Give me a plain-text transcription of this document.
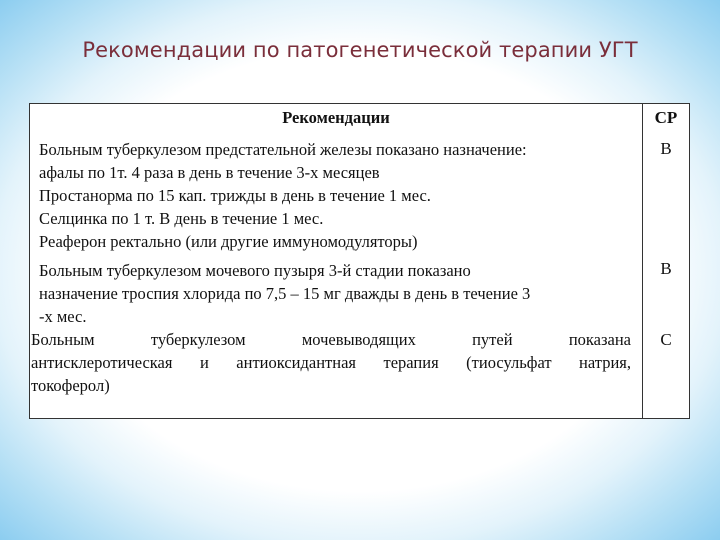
Рекомендации по патогенетической терапии УГТ
Рекомендации	СР
Больным туберкулезом предстательной железы показано назначение:
афалы по 1т. 4 раза в день в течение 3-х месяцев
Простанорма по 15 кап. трижды в день в течение 1 мес.
Селцинка по 1 т. В день в течение 1 мес.
Реаферон ректально (или другие иммуномодуляторы)
В
Больным туберкулезом мочевого пузыря 3-й стадии показано
назначение троспия хлорида по 7,5 – 15 мг дважды в день в течение 3
-х мес.
В
Больным туберкулезом мочевыводящих путей показана
антисклеротическая и антиоксидантная терапия (тиосульфат натрия,
токоферол)
С
